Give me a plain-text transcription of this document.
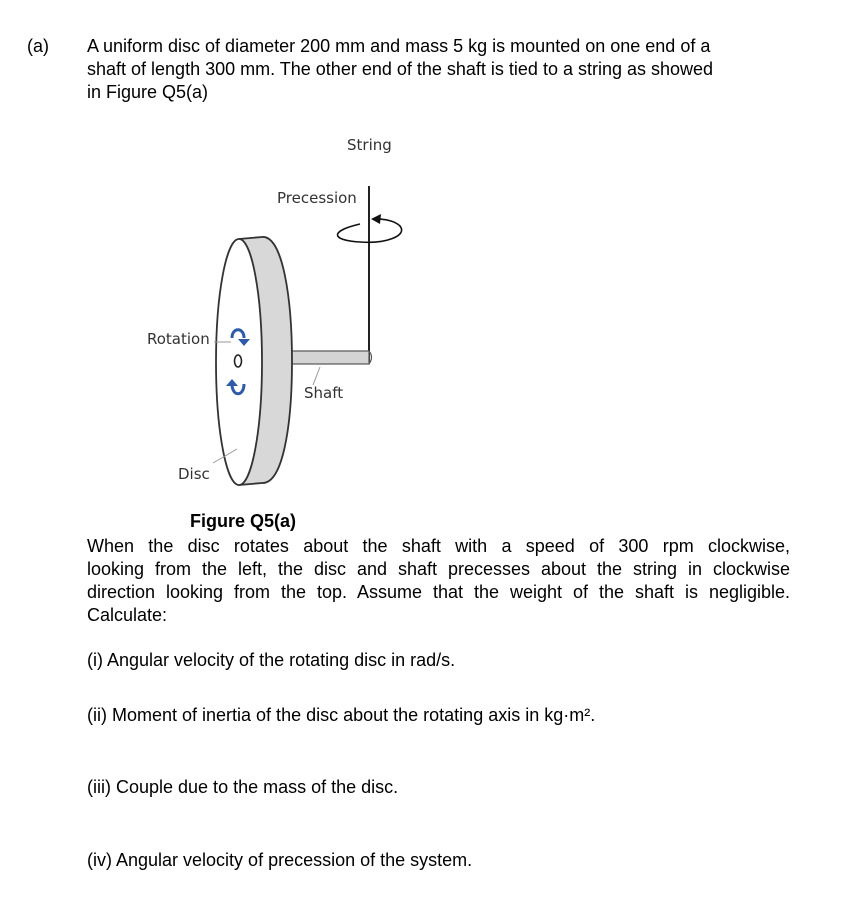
(a) A uniform disc of diameter 200 mm and mass 5 kg is mounted on one end of a
shaft of length 300 mm. The other end of the shaft is tied to a string as showed
in Figure Q5(a)
String
Precession
Rotation
Shaft
Disc
Figure Q5(a)
When the disc rotates about the shaft with a speed of 300 rpm clockwise,
looking from the left, the disc and shaft precesses about the string in clockwise
direction looking from the top. Assume that the weight of the shaft is negligible.
Calculate:
(i) Angular velocity of the rotating disc in rad/s.
(ii) Moment of inertia of the disc about the rotating axis in kg·m².
(iii) Couple due to the mass of the disc.
(iv) Angular velocity of precession of the system.
